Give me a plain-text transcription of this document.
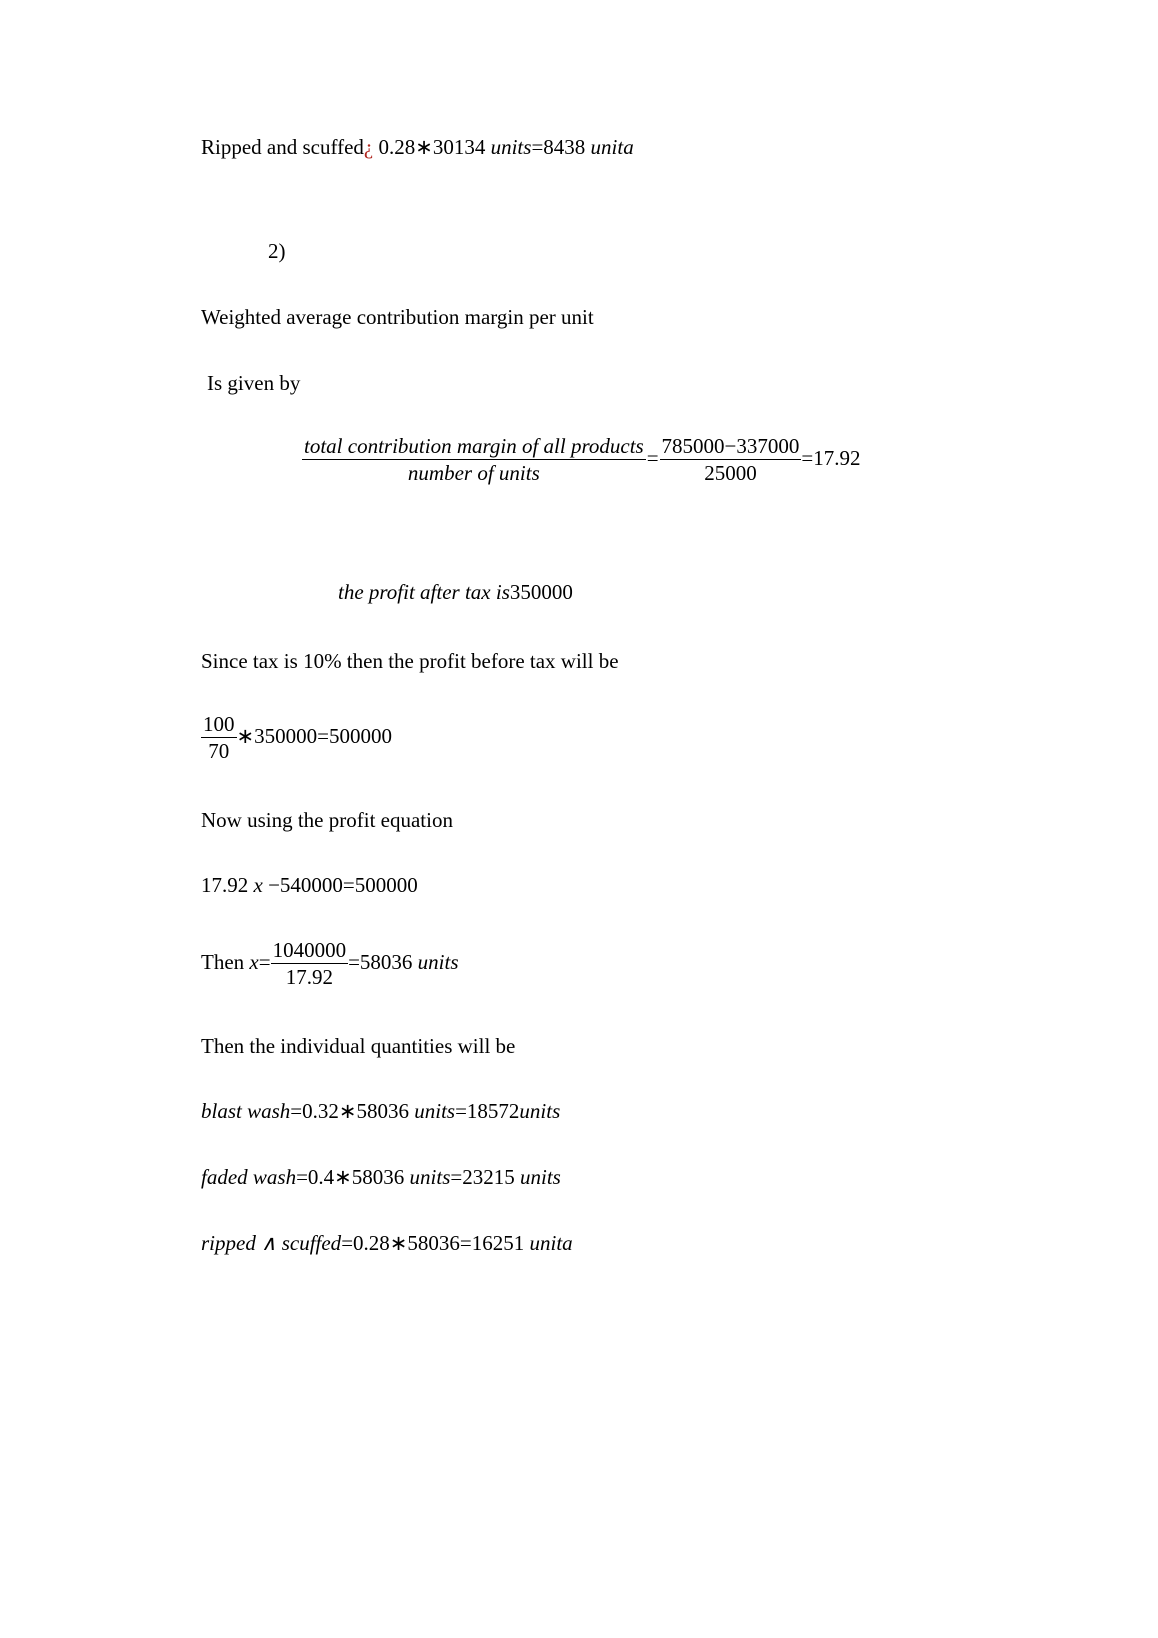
Ripped and scuffed¿ 0.28∗30134 units=8438 unita
2)
Weighted average contribution margin per unit
Is given by
$\frac{\text{total contribution margin of all products}}{\text{number of units}} = \frac{785000-337000}{25000} =17.92$
the profit after tax is350000
Since tax is 10% then the profit before tax will be
$\frac{100}{70}$ ∗350000=500000
Now using the profit equation
17.92 x −540000=500000
Then $x= \frac{1040000}{17.92} =58036$ units
Then the individual quantities will be
blast wash=0.32∗58036 units=18572units
faded wash=0.4∗58036 units=23215 units
ripped ∧ scuffed=0.28∗58036=16251 unita
